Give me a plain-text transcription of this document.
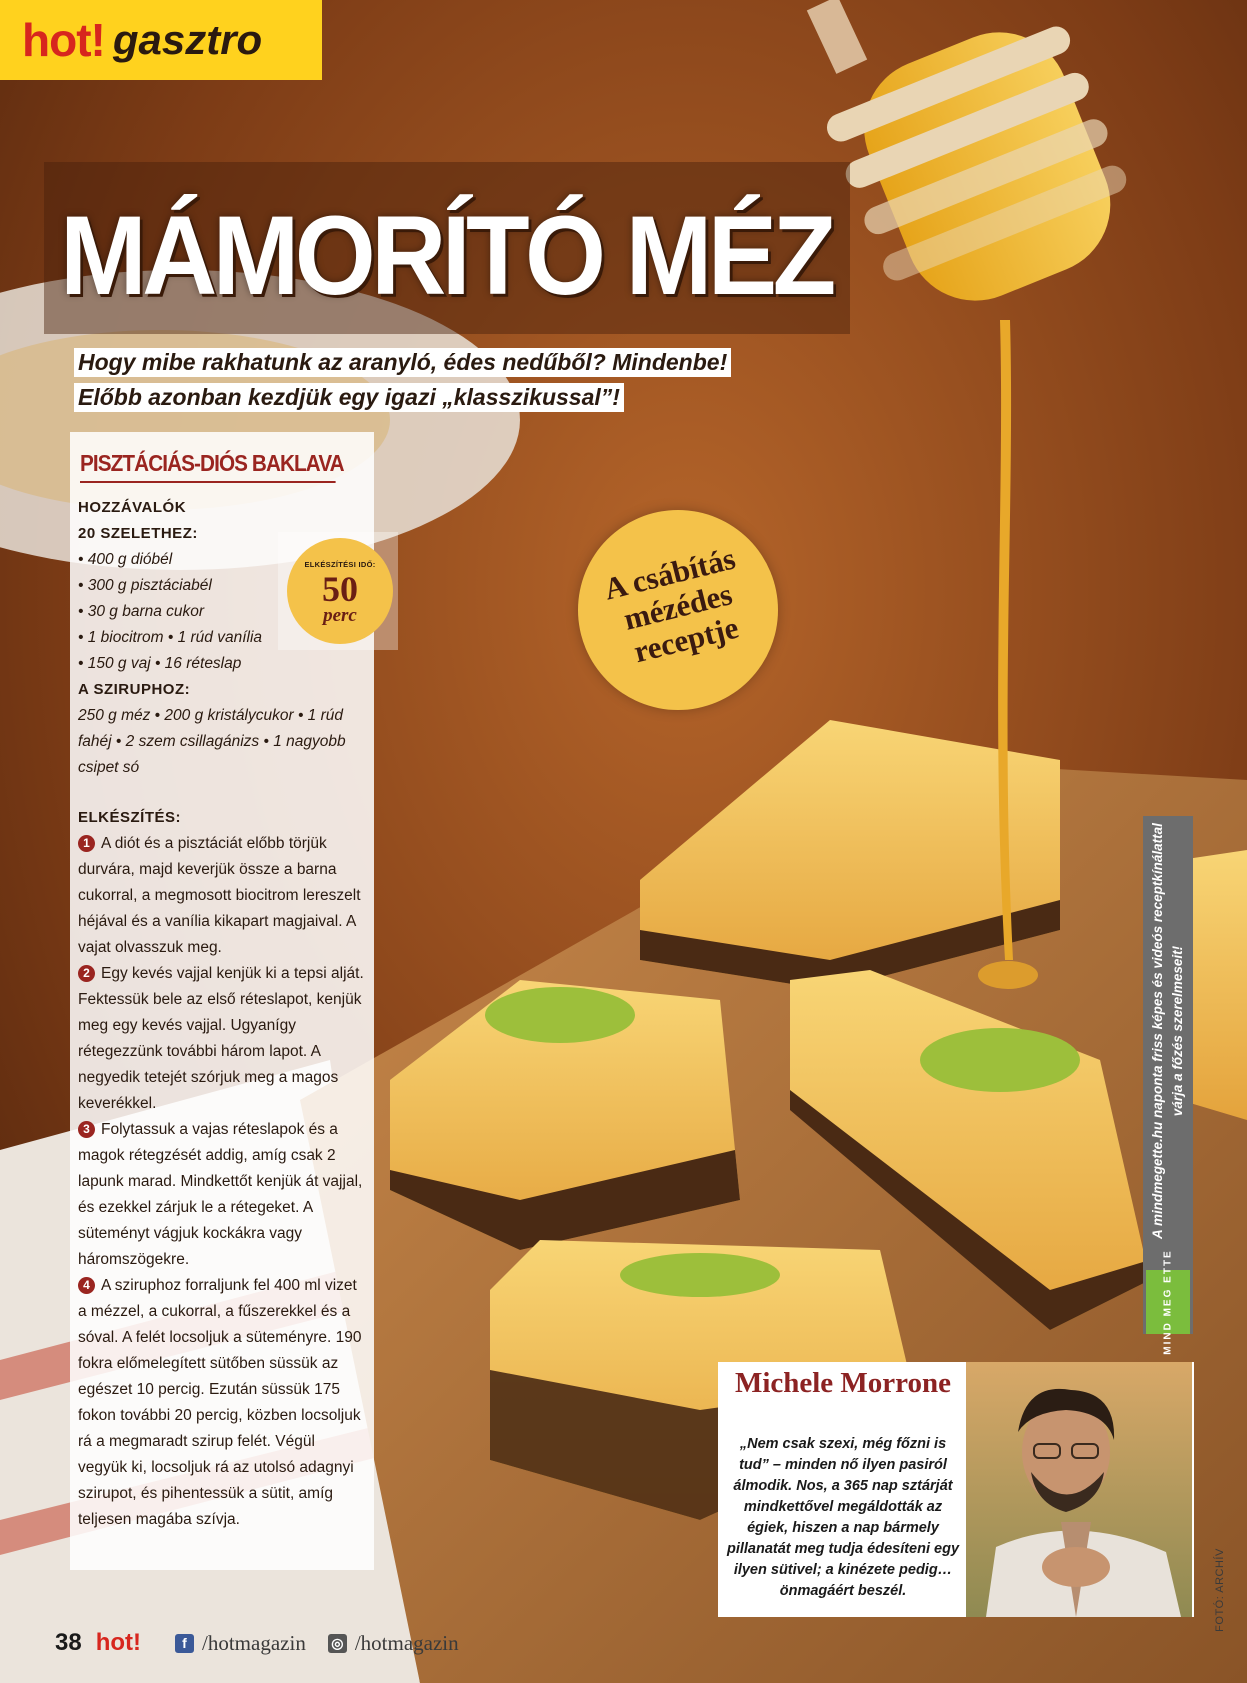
hot! gasztro
MÁMORÍTÓ MÉZ
Hogy mibe rakhatunk az aranyló, édes nedűből? Mindenbe!
Előbb azonban kezdjük egy igazi „klasszikussal”!
PISZTÁCIÁS-DIÓS BAKLAVA
HOZZÁVALÓK
20 SZELETHEZ:
• 400 g dióbél
• 300 g pisztáciabél
• 30 g barna cukor
• 1 biocitrom • 1 rúd vanília
• 150 g vaj • 16 réteslap
A SZIRUPHOZ:
250 g méz • 200 g kristálycukor • 1 rúd fahéj • 2 szem csillagánizs • 1 nagyobb csipet só
ELKÉSZÍTÉS:
1 A diót és a pisztáciát előbb törjük durvára, majd keverjük össze a barna cukorral, a megmosott biocitrom lereszelt héjával és a vanília kikapart magjaival. A vajat olvasszuk meg.
2 Egy kevés vajjal kenjük ki a tepsi alját. Fektessük bele az első réteslapot, kenjük meg egy kevés vajjal. Ugyanígy rétegezzünk további három lapot. A negyedik tetejét szórjuk meg a magos keverékkel.
3 Folytassuk a vajas réteslapok és a magok rétegzését addig, amíg csak 2 lapunk marad. Mindkettőt kenjük át vajjal, és ezekkel zárjuk le a rétegeket. A süteményt vágjuk kockákra vagy háromszögekre.
4 A sziruphoz forraljunk fel 400 ml vizet a mézzel, a cukorral, a fűszerekkel és a sóval. A felét locsoljuk a süteményre. 190 fokra előmelegített sütőben süssük az egészet 10 percig. Ezután süssük 175 fokon további 20 percig, közben locsoljuk rá a megmaradt szirup felét. Végül vegyük ki, locsoljuk rá az utolsó adagnyi szirupot, és pihentessük a sütit, amíg teljesen magába szívja.
ELKÉSZÍTÉSI IDŐ:
50
perc
A csábítás mézédes receptje
A mindmegette.hu naponta friss képes és videós receptkínálattal várja a főzés szerelmeseit!
MIND MEG ETTE
Michele Morrone
„Nem csak szexi, még főzni is tud” – minden nő ilyen pasiról álmodik. Nos, a 365 nap sztárját mindkettővel megáldották az égiek, hiszen a nap bármely pillanatát meg tudja édesíteni egy ilyen sütivel; a kinézete pedig… önmagáért beszél.
38 hot!	f /hotmagazin ◎ /hotmagazin
FOTÓ: ARCHÍV
